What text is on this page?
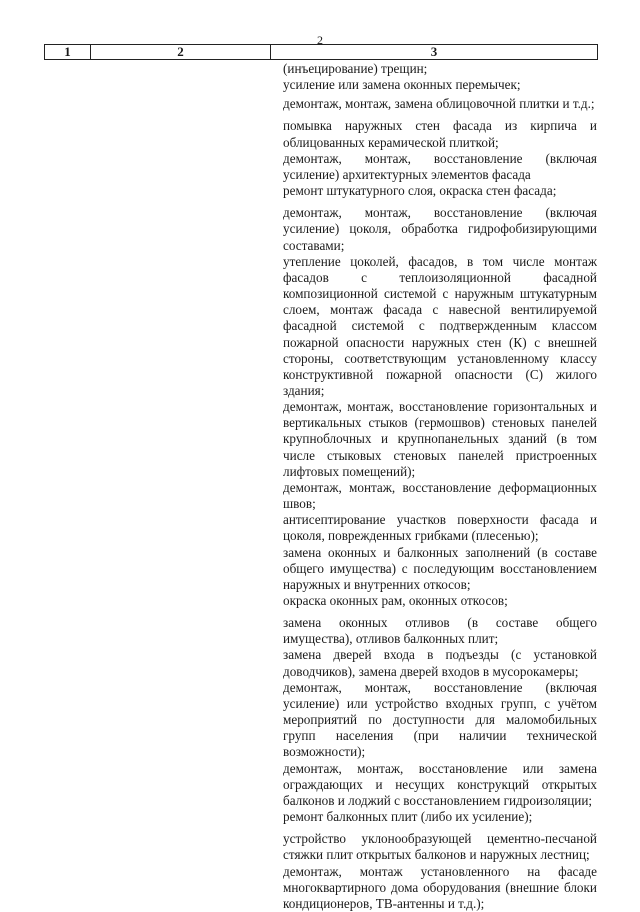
2
1	2	3

(инъецирование) трещин;

усиление или замена оконных перемычек;

демонтаж, монтаж, замена облицовочной плитки и т.д.;

помывка наружных стен фасада из кирпича и облицованных керамической плиткой;

демонтаж, монтаж, восстановление (включая усиление) архитектурных элементов фасада

ремонт штукатурного слоя, окраска стен фасада;

демонтаж, монтаж, восстановление (включая усиление) цоколя, обработка гидрофобизирующими составами;

утепление цоколей, фасадов, в том числе монтаж фасадов с теплоизоляционной фасадной композиционной системой с наружным штукатурным слоем, монтаж фасада с навесной вентилируемой фасадной системой с подтвержденным классом пожарной опасности наружных стен (К) с внешней стороны, соответствующим установленному классу конструктивной пожарной опасности (С) жилого здания;

демонтаж, монтаж, восстановление горизонтальных и вертикальных стыков (гермошвов) стеновых панелей крупноблочных и крупнопанельных зданий (в том числе стыковых стеновых панелей пристроенных лифтовых помещений);

демонтаж, монтаж, восстановление деформационных швов;

антисептирование участков поверхности фасада и цоколя, поврежденных грибками (плесенью);

замена оконных и балконных заполнений (в составе общего имущества) с последующим восстановлением наружных и внутренних откосов;

окраска оконных рам, оконных откосов;

замена оконных отливов (в составе общего имущества), отливов балконных плит;

замена дверей входа в подъезды (с установкой доводчиков), замена дверей входов в мусорокамеры;

демонтаж, монтаж, восстановление (включая усиление) или устройство входных групп, с учётом мероприятий по доступности для маломобильных групп населения (при наличии технической возможности);

демонтаж, монтаж, восстановление или замена ограждающих и несущих конструкций открытых балконов и лоджий с восстановлением гидроизоляции;

ремонт балконных плит (либо их усиление);

устройство уклонообразующей цементно-песчаной стяжки плит открытых балконов и наружных лестниц;

демонтаж, монтаж установленного на фасаде многоквартирного дома оборудования (внешние блоки кондиционеров, ТВ-антенны и т.д.);
